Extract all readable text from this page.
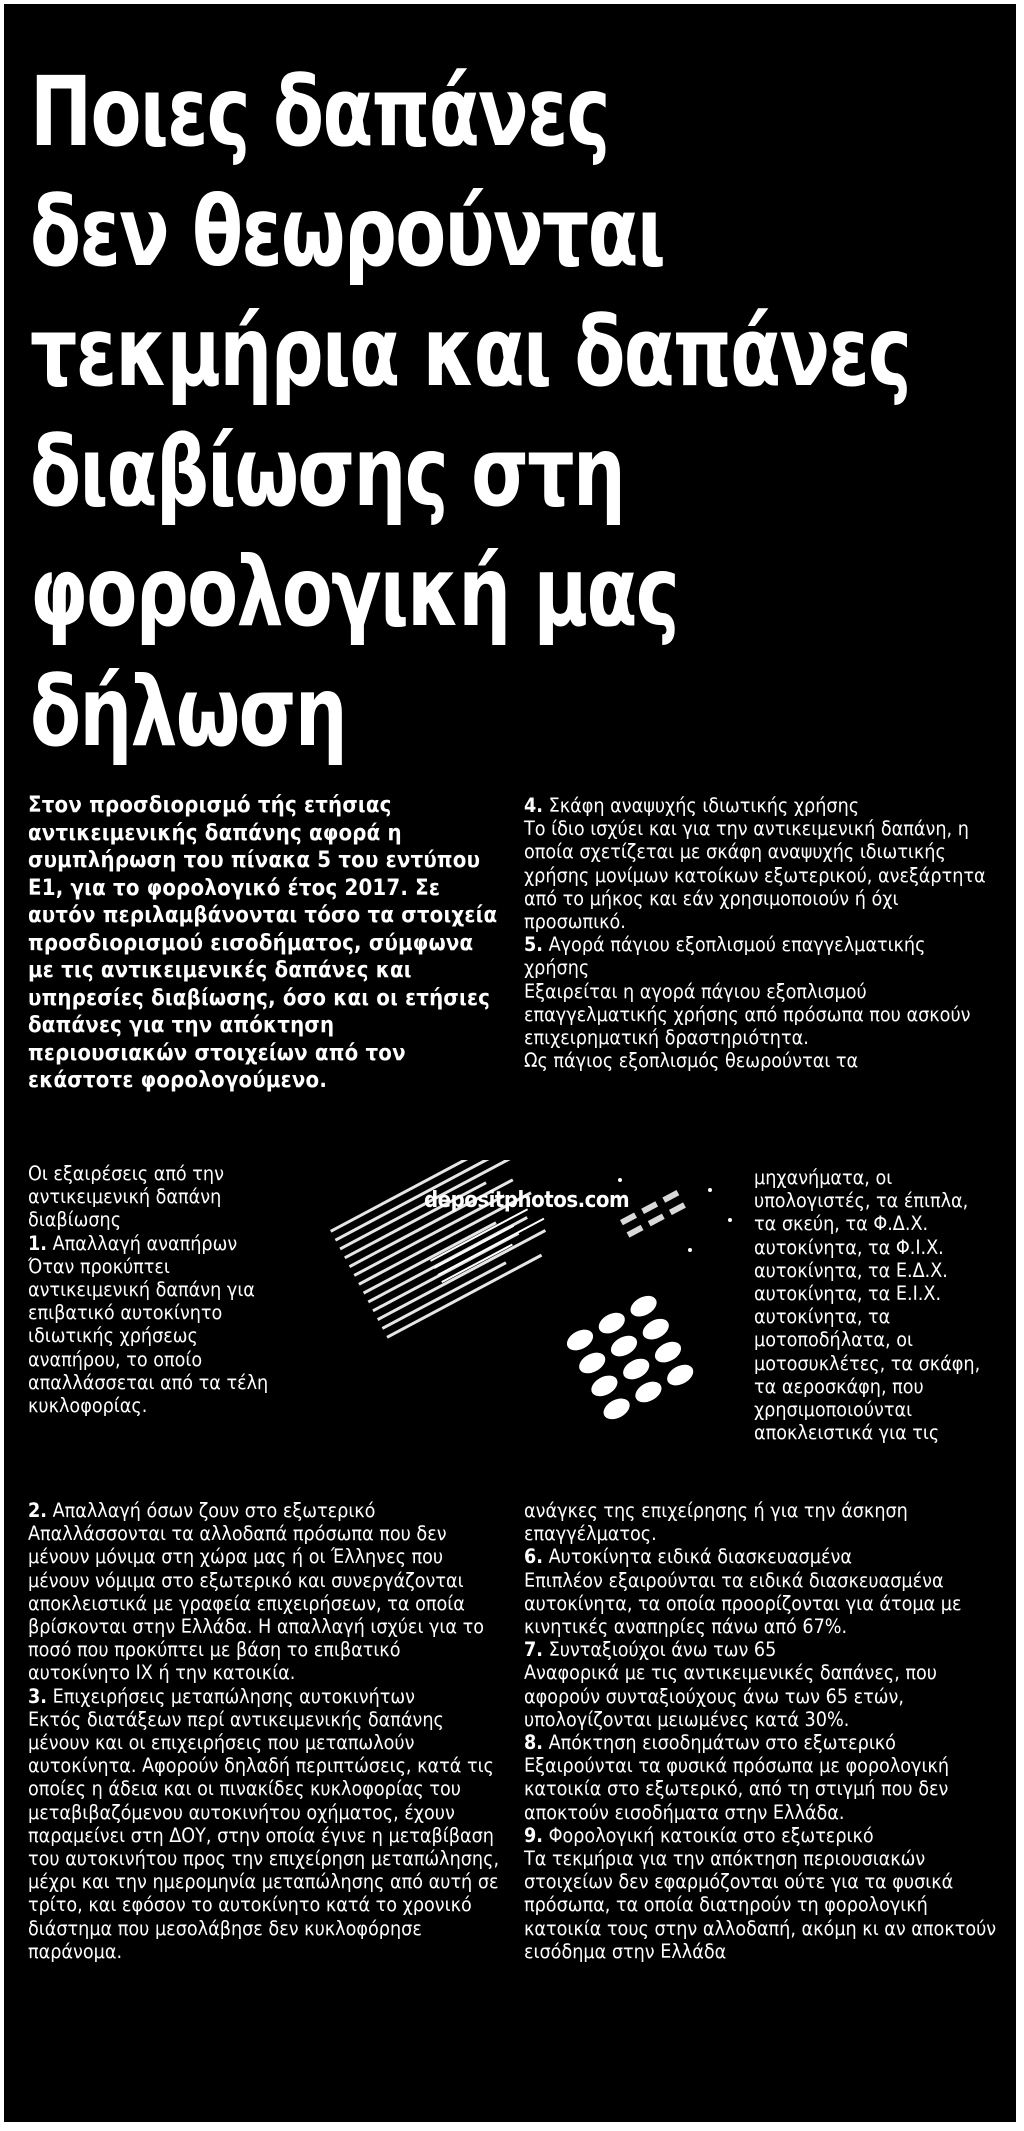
Ποιες δαπάνες
δεν θεωρούνται
τεκμήρια και δαπάνες
διαβίωσης στη
φορολογική μας
δήλωση
Στον προσδιορισμό τής ετήσιας αντικειμενικής δαπάνης αφορά η συμπλήρωση του πίνακα 5 του εντύπου Ε1, για το φορολογικό έτος 2017. Σε αυτόν περιλαμβάνονται τόσο τα στοιχεία προσδιορισμού εισοδήματος, σύμφωνα με τις αντικειμενικές δαπάνες και υπηρεσίες διαβίωσης, όσο και οι ετήσιες δαπάνες για την απόκτηση περιουσιακών στοιχείων από τον εκάστοτε φορολογούμενο.

4. Σκάφη αναψυχής ιδιωτικής χρήσης

Το ίδιο ισχύει και για την αντικειμενική δαπάνη, η οποία σχετίζεται με σκάφη αναψυχής ιδιωτικής χρήσης μονίμων κατοίκων εξωτερικού, ανεξάρτητα από το μήκος και εάν χρησιμοποιούν ή όχι προσωπικό.

5. Αγορά πάγιου εξοπλισμού επαγγελματικής χρήσης

Εξαιρείται η αγορά πάγιου εξοπλισμού επαγγελματικής χρήσης από πρόσωπα που ασκούν επιχειρηματική δραστηριότητα.

Ως πάγιος εξοπλισμός θεωρούνται τα

depositphotos.com

Οι εξαιρέσεις από την αντικειμενική δαπάνη διαβίωσης

1. Απαλλαγή αναπήρων

Όταν προκύπτει αντικειμενική δαπάνη για επιβατικό αυτοκίνητο ιδιωτικής χρήσεως αναπήρου, το οποίο απαλλάσσεται από τα τέλη κυκλοφορίας.

μηχανήματα, οι υπολογιστές, τα έπιπλα, τα σκεύη, τα Φ.Δ.Χ. αυτοκίνητα, τα Φ.Ι.Χ. αυτοκίνητα, τα Ε.Δ.Χ. αυτοκίνητα, τα Ε.Ι.Χ. αυτοκίνητα, τα μοτοποδήλατα, οι μοτοσυκλέτες, τα σκάφη, τα αεροσκάφη, που χρησιμοποιούνται αποκλειστικά για τις

2. Απαλλαγή όσων ζουν στο εξωτερικό

Απαλλάσσονται τα αλλοδαπά πρόσωπα που δεν μένουν μόνιμα στη χώρα μας ή οι Έλληνες που μένουν νόμιμα στο εξωτερικό και συνεργάζονται αποκλειστικά με γραφεία επιχειρήσεων, τα οποία βρίσκονται στην Ελλάδα. Η απαλλαγή ισχύει για το ποσό που προκύπτει με βάση το επιβατικό αυτοκίνητο ΙΧ ή την κατοικία.

3. Επιχειρήσεις μεταπώλησης αυτοκινήτων

Εκτός διατάξεων περί αντικειμενικής δαπάνης μένουν και οι επιχειρήσεις που μεταπωλούν αυτοκίνητα. Αφορούν δηλαδή περιπτώσεις, κατά τις οποίες η άδεια και οι πινακίδες κυκλοφορίας του μεταβιβαζόμενου αυτοκινήτου οχήματος, έχουν παραμείνει στη ΔΟΥ, στην οποία έγινε η μεταβίβαση του αυτοκινήτου προς την επιχείρηση μεταπώλησης, μέχρι και την ημερομηνία μεταπώλησης από αυτή σε τρίτο, και εφόσον το αυτοκίνητο κατά το χρονικό διάστημα που μεσολάβησε δεν κυκλοφόρησε παράνομα.

ανάγκες της επιχείρησης ή για την άσκηση επαγγέλματος.

6. Αυτοκίνητα ειδικά διασκευασμένα

Επιπλέον εξαιρούνται τα ειδικά διασκευασμένα αυτοκίνητα, τα οποία προορίζονται για άτομα με κινητικές αναπηρίες πάνω από 67%.

7. Συνταξιούχοι άνω των 65

Αναφορικά με τις αντικειμενικές δαπάνες, που αφορούν συνταξιούχους άνω των 65 ετών, υπολογίζονται μειωμένες κατά 30%.

8. Απόκτηση εισοδημάτων στο εξωτερικό

Εξαιρούνται τα φυσικά πρόσωπα με φορολογική κατοικία στο εξωτερικό, από τη στιγμή που δεν αποκτούν εισοδήματα στην Ελλάδα.

9. Φορολογική κατοικία στο εξωτερικό

Τα τεκμήρια για την απόκτηση περιουσιακών στοιχείων δεν εφαρμόζονται ούτε για τα φυσικά πρόσωπα, τα οποία διατηρούν τη φορολογική κατοικία τους στην αλλοδαπή, ακόμη κι αν αποκτούν εισόδημα στην Ελλάδα
